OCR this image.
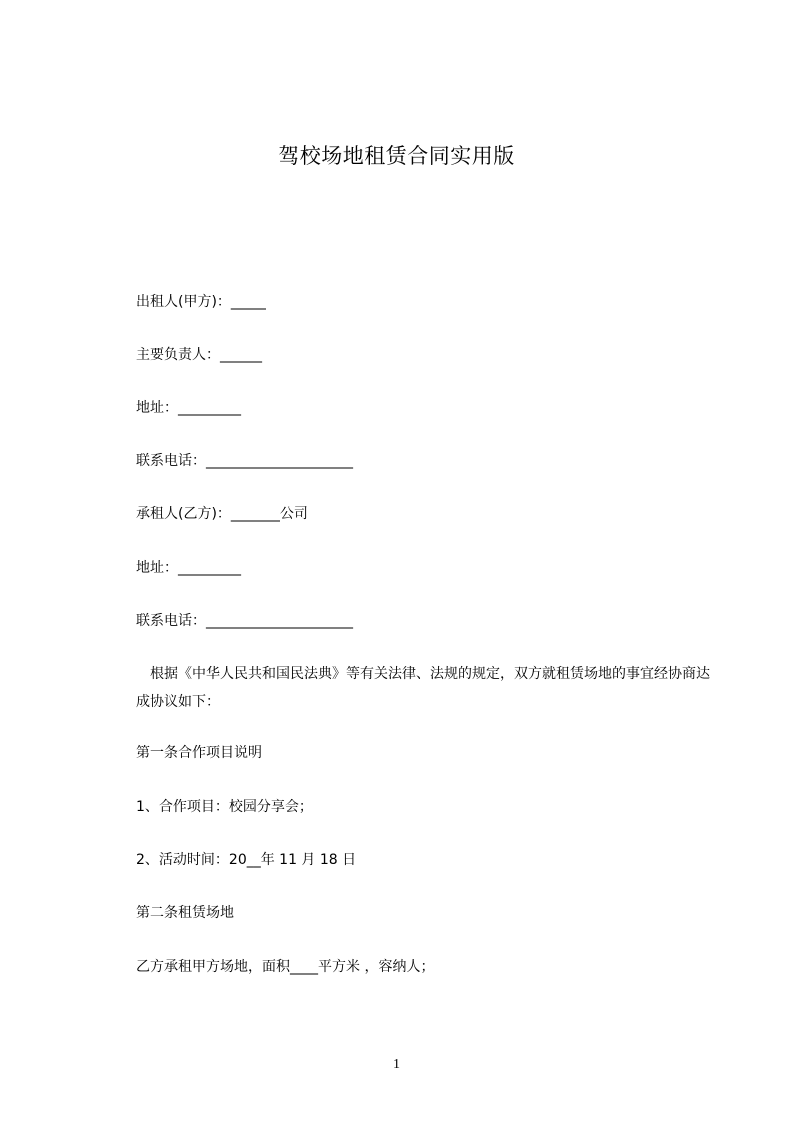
驾校场地租赁合同实用版
出租人(甲方)：_____
主要负责人：______
地址：_________
联系电话：_____________________
承租人(乙方)：_______公司
地址：_________
联系电话：_____________________
根据《中华人民共和国民法典》等有关法律、法规的规定，双方就租赁场地的事宜经协商达成协议如下：
第一条合作项目说明
1、合作项目：校园分享会；
2、活动时间：20__年 11 月 18 日
第二条租赁场地
乙方承租甲方场地，面积____平方米 ，容纳人；
1
